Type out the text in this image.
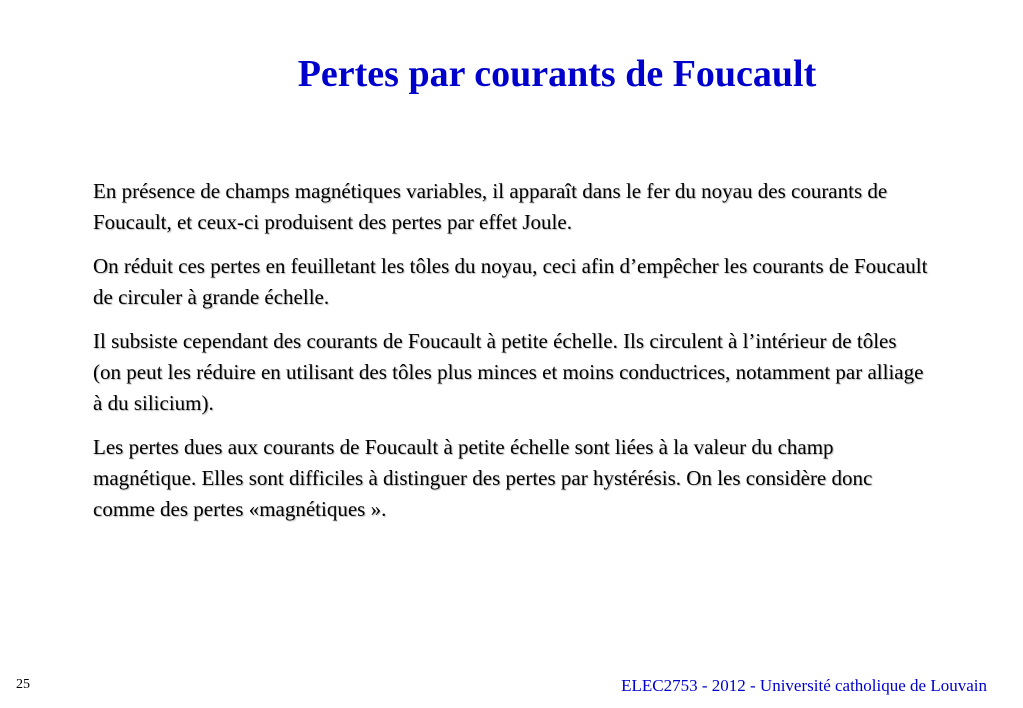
Pertes par courants de Foucault

En présence de champs magnétiques variables, il apparaît dans le fer du noyau des courants de Foucault, et ceux-ci produisent des pertes par effet Joule.

On réduit ces pertes en feuilletant les tôles du noyau, ceci afin d’empêcher les courants de Foucault de circuler à grande échelle.

Il subsiste cependant des courants de Foucault à petite échelle. Ils circulent à l’intérieur de tôles (on peut les réduire en utilisant des tôles plus minces et moins conductrices, notamment par alliage à du silicium).

Les pertes dues aux courants de Foucault à petite échelle sont liées à la valeur du champ magnétique. Elles sont difficiles à distinguer des pertes par hystérésis. On les considère donc comme des pertes «magnétiques ».

25	ELEC2753 - 2012 - Université catholique de Louvain
